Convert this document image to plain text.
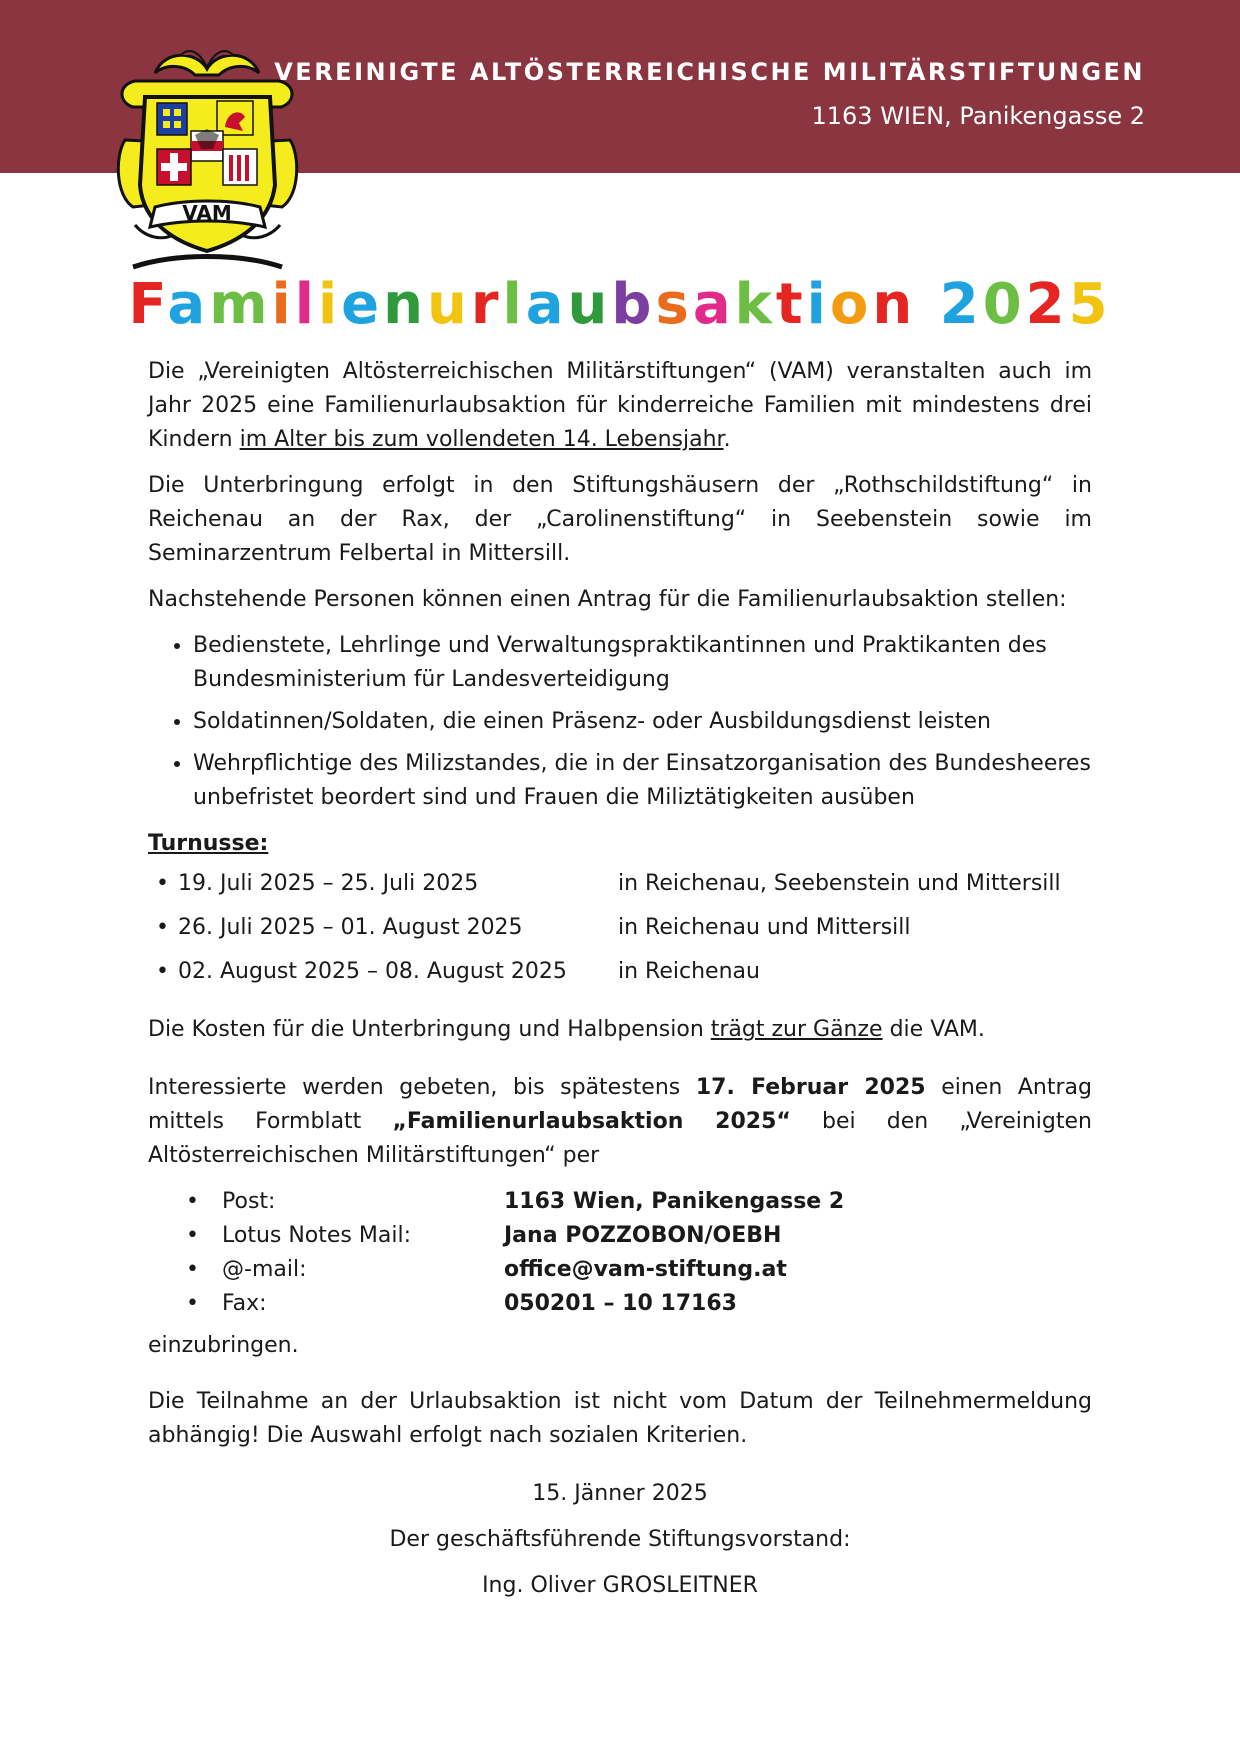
VAM
VEREINIGTE ALTÖSTERREICHISCHE MILITÄRSTIFTUNGEN
1163 WIEN, Panikengasse 2
Familienurlaubsaktion 2025

Die „Vereinigten Altösterreichischen Militärstiftungen“ (VAM) veranstalten auch im Jahr 2025 eine Familienurlaubsaktion für kinderreiche Familien mit mindestens drei Kindern im Alter bis zum vollendeten 14. Lebensjahr.

Die Unterbringung erfolgt in den Stiftungshäusern der „Rothschildstiftung“ in Reichenau an der Rax, der „Carolinenstiftung“ in Seebenstein sowie im Seminarzentrum Felbertal in Mittersill.

Nachstehende Personen können einen Antrag für die Familienurlaubsaktion stellen:

• Bedienstete, Lehrlinge und Verwaltungspraktikantinnen und Praktikanten des Bundesministerium für Landesverteidigung
• Soldatinnen/Soldaten, die einen Präsenz- oder Ausbildungsdienst leisten
• Wehrpflichtige des Milizstandes, die in der Einsatzorganisation des Bundesheeres unbefristet beordert sind und Frauen die Miliztätigkeiten ausüben
Turnusse:
• 19. Juli 2025 – 25. Juli 2025	in Reichenau, Seebenstein und Mittersill
• 26. Juli 2025 – 01. August 2025	in Reichenau und Mittersill
• 02. August 2025 – 08. August 2025	in Reichenau

Die Kosten für die Unterbringung und Halbpension trägt zur Gänze die VAM.

Interessierte werden gebeten, bis spätestens 17. Februar 2025 einen Antrag mittels Formblatt „Familienurlaubsaktion 2025“ bei den „Vereinigten Altösterreichischen Militärstiftungen“ per

•	Post:	1163 Wien, Panikengasse 2
•	Lotus Notes Mail:	Jana POZZOBON/OEBH
•	@-mail:	office@vam-stiftung.at
•	Fax:	050201 – 10 17163

einzubringen.

Die Teilnahme an der Urlaubsaktion ist nicht vom Datum der Teilnehmermeldung abhängig! Die Auswahl erfolgt nach sozialen Kriterien.

15. Jänner 2025

Der geschäftsführende Stiftungsvorstand:

Ing. Oliver GROSLEITNER
